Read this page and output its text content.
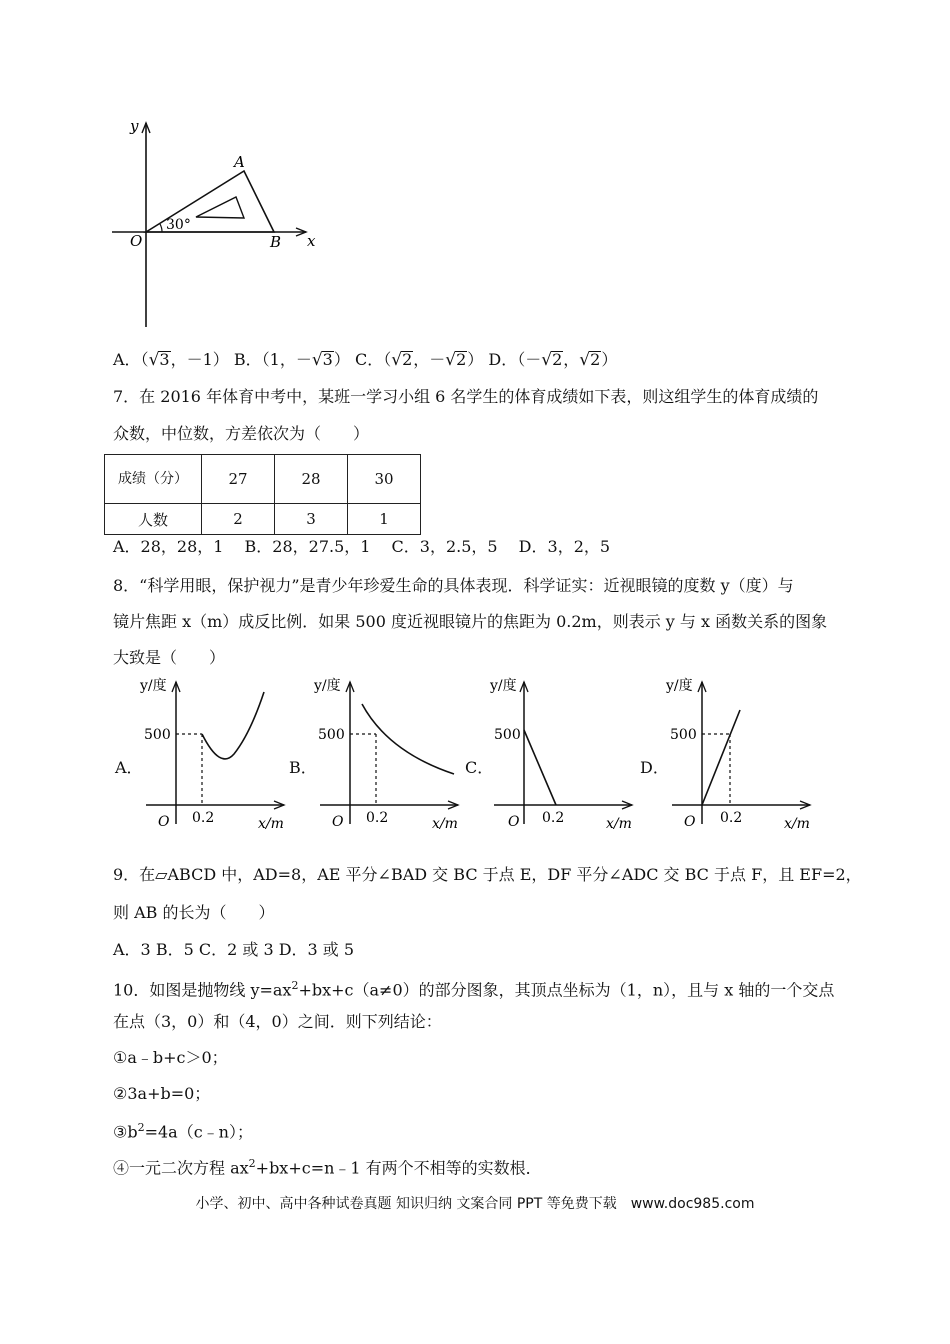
y
x
O
A
B
30°
A．（√3，－1） B．（1，－√3） C．（√2，－√2） D．（－√2，√2）
7．在 2016 年体育中考中，某班一学习小组 6 名学生的体育成绩如下表，则这组学生的体育成绩的
众数，中位数，方差依次为（　　）
成绩（分）	27	28	30
人数	2	3	1
A．28，28，1　 B．28，27.5，1　 C．3，2.5，5　 D．3，2，5
8．“科学用眼，保护视力”是青少年珍爱生命的具体表现．科学证实：近视眼镜的度数 y（度）与
镜片焦距 x（m）成反比例．如果 500 度近视眼镜片的焦距为 0.2m，则表示 y 与 x 函数关系的图象
大致是（　　）
A．
y/度
500
O 0.2	x/m
B．
y/度
500
O 0.2	x/m
C．
y/度
500
O 0.2	x/m
D．
y/度
500
O 0.2	x/m
9．在▱ABCD 中，AD=8，AE 平分∠BAD 交 BC 于点 E，DF 平分∠ADC 交 BC 于点 F，且 EF=2，
则 AB 的长为（　　）
A．3 B．5 C．2 或 3 D．3 或 5
10．如图是抛物线 $y=ax^2+bx+c(a\ne 0)$的部分图象，其顶点坐标为（1，n），且与 x 轴的一个交点
在点（3，0）和（4，0）之间．则下列结论：
①a﹣b+c＞0；
②3a+b=0；
$③b^2=4a(c﹣n)$；
④一元二次方程 $ax^2+bx+c=n﹣1$ 有两个不相等的实数根．
小学、初中、高中各种试卷真题 知识归纳 文案合同 PPT 等免费下载　www.doc985.com
